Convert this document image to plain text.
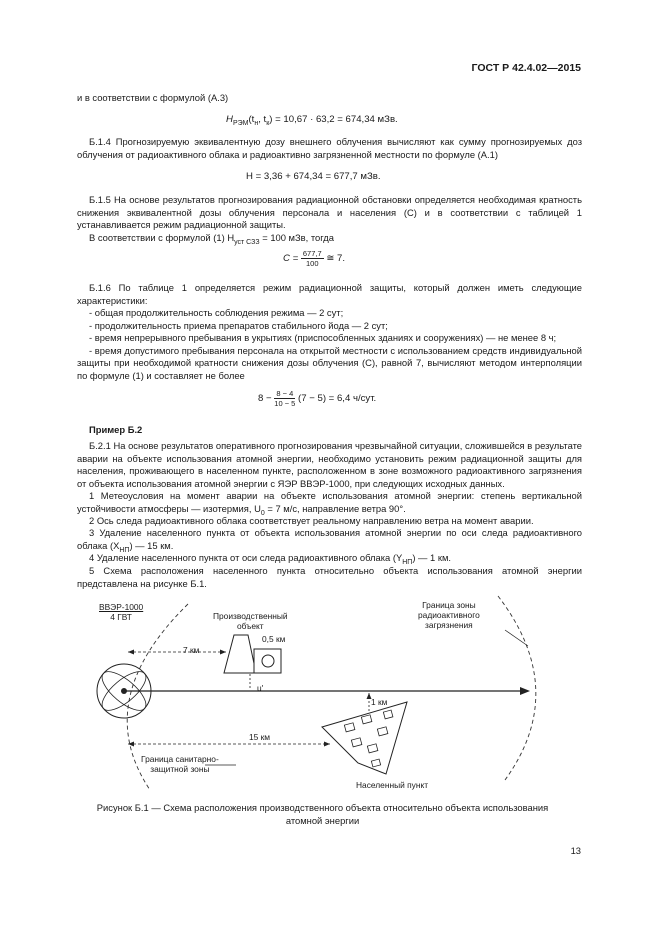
ГОСТ Р 42.4.02—2015
и в соответствии с формулой (А.3)
$H_{РЭМ}(t_н$, $t_к) = 10,67 \cdot 63,2 = 674,34$ мЗв.
Б.1.4 Прогнозируемую эквивалентную дозу внешнего облучения вычисляют как сумму прогнозируемых доз облучения от радиоактивного облака и радиоактивно загрязненной местности по формуле (А.1)
H = 3,36 + 674,34 = 677,7 мЗв.
Б.1.5 На основе результатов прогнозирования радиационной обстановки определяется необходимая кратность снижения эквивалентной дозы облучения персонала и населения (C) и в соответствии с таблицей 1 устанавливается режим радиационной защиты.
В соответствии с формулой (1) $H_{уст СЗЗ} = 100$ мЗв, тогда
$C = \frac{677,7}{100}$ ≅ 7.
Б.1.6 По таблице 1 определяется режим радиационной защиты, который должен иметь следующие характеристики:
- общая продолжительность соблюдения режима — 2 сут;
- продолжительность приема препаратов стабильного йода — 2 сут;
- время непрерывного пребывания в укрытиях (приспособленных зданиях и сооружениях) — не менее 8 ч;
- время допустимого пребывания персонала на открытой местности с использованием средств индивидуальной защиты при необходимой кратности снижения дозы облучения (C), равной 7, вычисляют методом интерполяции по формуле (1) и составляет не более
$8 - \frac{8 - 4}{10 - 5} (7 - 5) = 6,4$ ч/сут.
Пример Б.2
Б.2.1 На основе результатов оперативного прогнозирования чрезвычайной ситуации, сложившейся в результате аварии на объекте использования атомной энергии, необходимо установить режим радиационной защиты для населения, проживающего в населенном пункте, расположенном в зоне возможного радиоактивного загрязнения от объекта использования атомной энергии с ЯЭР ВВЭР-1000, при следующих исходных данных.
1 Метеоусловия на момент аварии на объекте использования атомной энергии: степень вертикальной устойчивости атмосферы — изотермия, $U_0 = 7$ м/с, направление ветра 90°.
2 Ось следа радиоактивного облака соответствует реальному направлению ветра на момент аварии.
3 Удаление населенного пункта от объекта использования атомной энергии по оси следа радиоактивного облака $(X_{НП})$ — 15 км.
4 Удаление населенного пункта от оси следа радиоактивного облака $(Y_{НП})$ — 1 км.
5 Схема расположения населенного пункта относительно объекта использования атомной энергии представлена на рисунке Б.1.
ВВЭР-1000
4 ГВТ	Производственный
объект
0,5 км
7 км
u'
1 км
15 км
Граница зоны
радиоактивного
загрязнения
Граница санитарно-
защитной зоны
Населенный пункт
Рисунок Б.1 — Схема расположения производственного объекта относительно объекта использования
атомной энергии
13
